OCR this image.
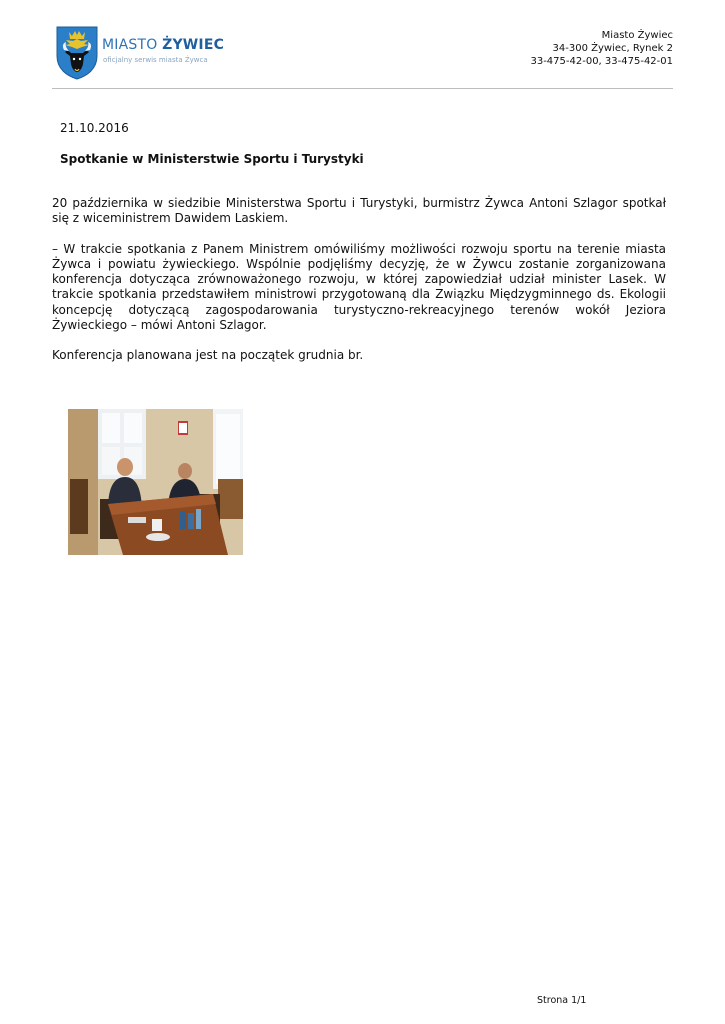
MIASTO ŻYWIEC
oficjalny serwis miasta Żywca
Miasto Żywiec
34-300 Żywiec, Rynek 2
33-475-42-00, 33-475-42-01
21.10.2016
Spotkanie w Ministerstwie Sportu i Turystyki

20 października w siedzibie Ministerstwa Sportu i Turystyki, burmistrz Żywca Antoni Szlagor spotkał się z wiceministrem Dawidem Laskiem.

– W trakcie spotkania z Panem Ministrem omówiliśmy możliwości rozwoju sportu na terenie miasta Żywca i powiatu żywieckiego. Wspólnie podjęliśmy decyzję, że w Żywcu zostanie zorganizowana konferencja dotycząca zrównoważonego rozwoju, w której zapowiedział udział minister Lasek. W trakcie spotkania przedstawiłem ministrowi przygotowaną dla Związku Międzygminnego ds. Ekologii koncepcję dotyczącą zagospodarowania turystyczno-rekreacyjnego terenów wokół Jeziora Żywieckiego – mówi Antoni Szlagor.

Konferencja planowana jest na początek grudnia br.

Strona 1/1
